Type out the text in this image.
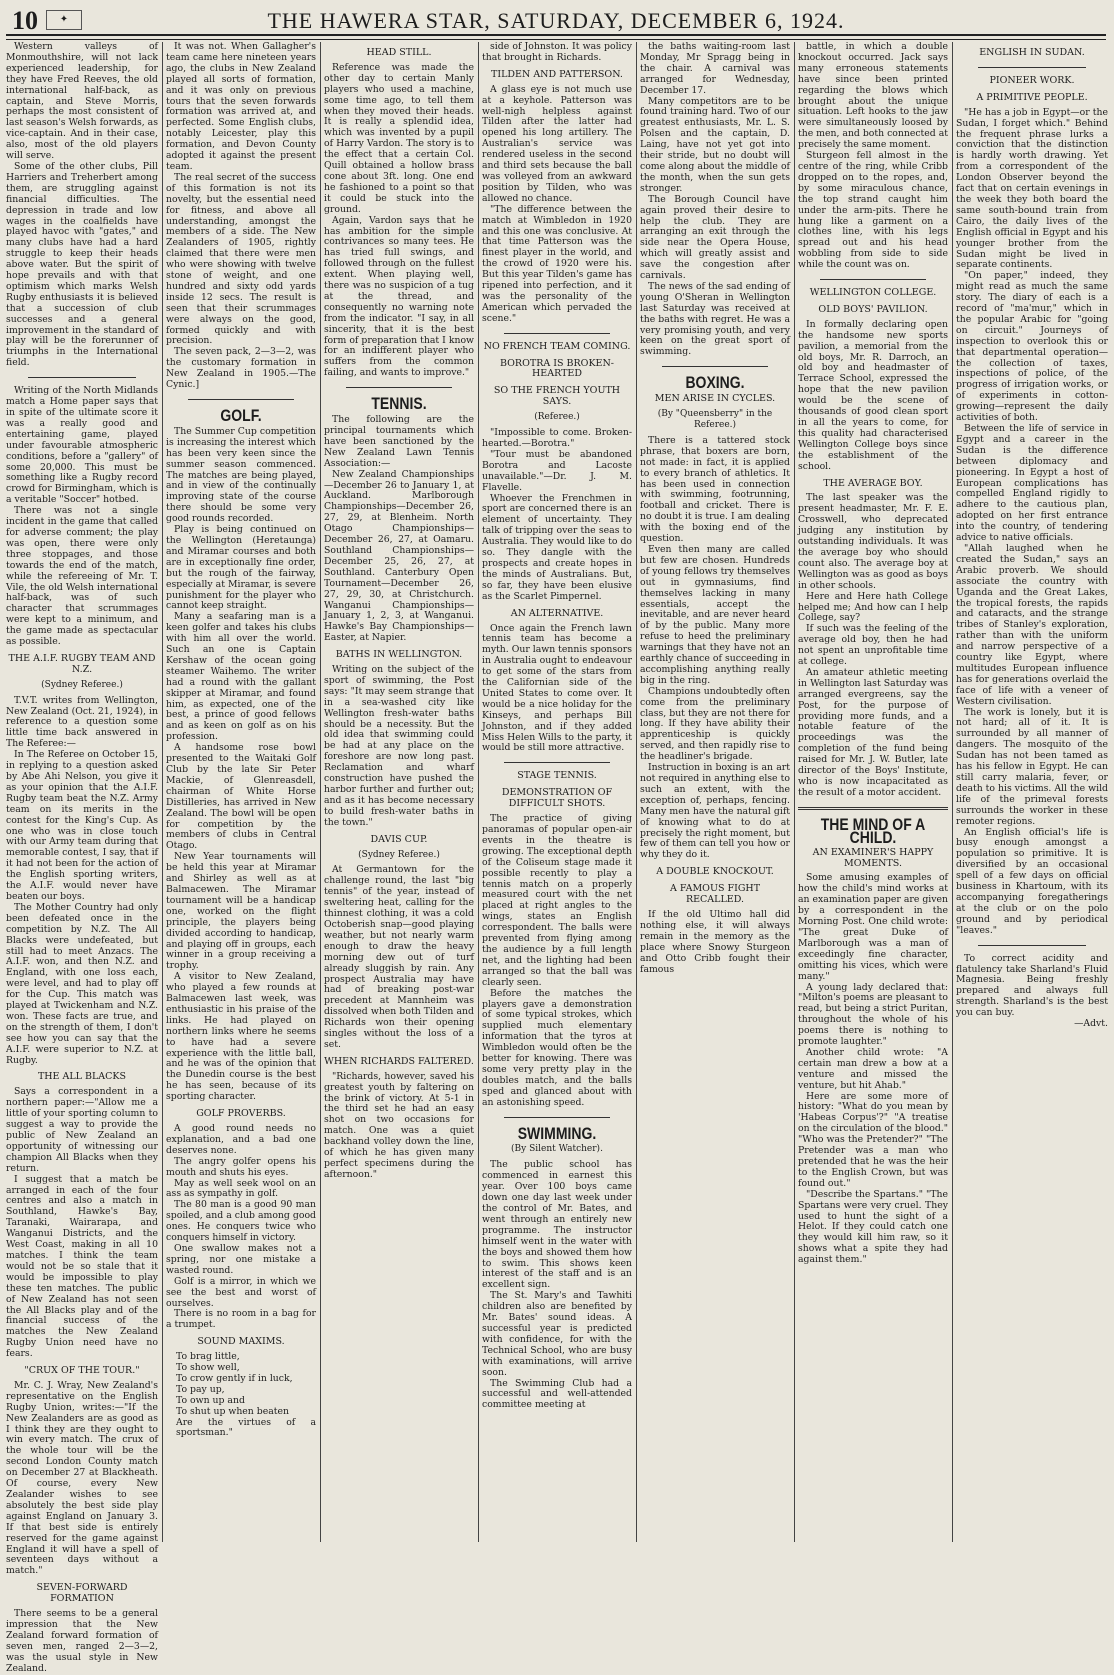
10	✦	THE HAWERA STAR, SATURDAY, DECEMBER 6, 1924.

Western valleys of Monmouthshire, will not lack experienced leadership, for they have Fred Reeves, the old international half-back, as captain, and Steve Morris, perhaps the most consistent of last season's Welsh forwards, as vice-captain. And in their case, also, most of the old players will serve.

Some of the other clubs, Pill Harriers and Treherbert among them, are struggling against financial difficulties. The depression in trade and low wages in the coalfields have played havoc with "gates," and many clubs have had a hard struggle to keep their heads above water. But the spirit of hope prevails and with that optimism which marks Welsh Rugby enthusiasts it is believed that a succession of club successes and a general improvement in the standard of play will be the forerunner of triumphs in the International field.

Writing of the North Midlands match a Home paper says that in spite of the ultimate score it was a really good and entertaining game, played under favourable atmospheric conditions, before a "gallery" of some 20,000. This must be something like a Rugby record crowd for Birmingham, which is a veritable "Soccer" hotbed.

There was not a single incident in the game that called for adverse comment; the play was open, there were only three stoppages, and those towards the end of the match, while the refereeing of Mr. T. Vile, the old Welsh international half-back, was of such character that scrummages were kept to a minimum, and the game made as spectacular as possible.

THE A.I.F. RUGBY TEAM AND N.Z.
(Sydney Referee.)

T.V.T. writes from Wellington, New Zealand (Oct. 21, 1924), in reference to a question some little time back answered in The Referee:—

In The Referee on October 15, in replying to a question asked by Abe Ahi Nelson, you give it as your opinion that the A.I.F. Rugby team beat the N.Z. Army team on its merits in the contest for the King's Cup. As one who was in close touch with our Army team during that memorable contest, I say, that if it had not been for the action of the English sporting writers, the A.I.F. would never have beaten our boys.

The Mother Country had only been defeated once in the competition by N.Z. The All Blacks were undefeated, but still had to meet Anzacs. The A.I.F. won, and then N.Z. and England, with one loss each, were level, and had to play off for the Cup. This match was played at Twickenham and N.Z. won. These facts are true, and on the strength of them, I don't see how you can say that the A.I.F. were superior to N.Z. at Rugby.

THE ALL BLACKS

Says a correspondent in a northern paper:—"Allow me a little of your sporting column to suggest a way to provide the public of New Zealand an opportunity of witnessing our champion All Blacks when they return.

I suggest that a match be arranged in each of the four centres and also a match in Southland, Hawke's Bay, Taranaki, Wairarapa, and Wanganui Districts, and the West Coast, making in all 10 matches. I think the team would not be so stale that it would be impossible to play these ten matches. The public of New Zealand has not seen the All Blacks play and of the financial success of the matches the New Zealand Rugby Union need have no fears.

"CRUX OF THE TOUR."

Mr. C. J. Wray, New Zealand's representative on the English Rugby Union, writes:—"If the New Zealanders are as good as I think they are they ought to win every match. The crux of the whole tour will be the second London County match on December 27 at Blackheath. Of course, every New Zealander wishes to see absolutely the best side play against England on January 3. If that best side is entirely reserved for the game against England it will have a spell of seventeen days without a match."

SEVEN-FORWARD FORMATION

There seems to be a general impression that the New Zealand forward formation of seven men, ranged 2—3—2, was the usual style in New Zealand.

It was not. When Gallagher's team came here nineteen years ago, the clubs in New Zealand played all sorts of formation, and it was only on previous tours that the seven forwards formation was arrived at, and perfected. Some English clubs, notably Leicester, play this formation, and Devon County adopted it against the present team.

The real secret of the success of this formation is not its novelty, but the essential need for fitness, and above all understanding, amongst the members of a side. The New Zealanders of 1905, rightly claimed that there were men who were showing with twelve stone of weight, and one hundred and sixty odd yards inside 12 secs. The result is seen that their scrummages were always on the good, formed quickly and with precision.

The seven pack, 2—3—2, was the customary formation in New Zealand in 1905.—The Cynic.]

GOLF.

The Summer Cup competition is increasing the interest which has been very keen since the summer season commenced. The matches are being played, and in view of the continually improving state of the course there should be some very good rounds recorded.

Play is being continued on the Wellington (Heretaunga) and Miramar courses and both are in exceptionally fine order, but the rough of the fairway, especially at Miramar, is severe punishment for the player who cannot keep straight.

Many a seafaring man is a keen golfer and takes his clubs with him all over the world. Such an one is Captain Kershaw of the ocean going steamer Waihemo. The writer had a round with the gallant skipper at Miramar, and found him, as expected, one of the best, a prince of good fellows and as keen on golf as on his profession.

A handsome rose bowl presented to the Waitaki Golf Club by the late Sir Peter Mackie, of Glenreasdell, chairman of White Horse Distilleries, has arrived in New Zealand. The bowl will be open for competition by the members of clubs in Central Otago.

New Year tournaments will be held this year at Miramar and Shirley as well as at Balmacewen. The Miramar tournament will be a handicap one, worked on the flight principle, the players being divided according to handicap, and playing off in groups, each winner in a group receiving a trophy.

A visitor to New Zealand, who played a few rounds at Balmacewen last week, was enthusiastic in his praise of the links. He had played on northern links where he seems to have had a severe experience with the little ball, and he was of the opinion that the Dunedin course is the best he has seen, because of its sporting character.

GOLF PROVERBS.

A good round needs no explanation, and a bad one deserves none.

The angry golfer opens his mouth and shuts his eyes.

May as well seek wool on an ass as sympathy in golf.

The 80 man is a good 90 man spoiled, and a club among good ones. He conquers twice who conquers himself in victory.

One swallow makes not a spring, nor one mistake a wasted round.

Golf is a mirror, in which we see the best and worst of ourselves.

There is no room in a bag for a trumpet.

SOUND MAXIMS.
To brag little,
To show well,
To crow gently if in luck,
To pay up,
To own up and
To shut up when beaten
Are the virtues of a sportsman."
HEAD STILL.

Reference was made the other day to certain Manly players who used a machine, some time ago, to tell them when they moved their heads. It is really a splendid idea, which was invented by a pupil of Harry Vardon. The story is to the effect that a certain Col. Quill obtained a hollow brass cone about 3ft. long. One end he fashioned to a point so that it could be stuck into the ground.

Again, Vardon says that he has ambition for the simple contrivances so many tees. He has tried full swings, and followed through on the fullest extent. When playing well, there was no suspicion of a tug at the thread, and consequently no warning note from the indicator. "I say, in all sincerity, that it is the best form of preparation that I know for an indifferent player who suffers from the common failing, and wants to improve."

TENNIS.

The following are the principal tournaments which have been sanctioned by the New Zealand Lawn Tennis Association:—

New Zealand Championships—December 26 to January 1, at Auckland. Marlborough Championships—December 26, 27, 29, at Blenheim. North Otago Championships—December 26, 27, at Oamaru. Southland Championships—December 25, 26, 27, at Southland. Canterbury Open Tournament—December 26, 27, 29, 30, at Christchurch. Wanganui Championships—January 1, 2, 3, at Wanganui. Hawke's Bay Championships—Easter, at Napier.

BATHS IN WELLINGTON.

Writing on the subject of the sport of swimming, the Post says: "It may seem strange that in a sea-washed city like Wellington fresh-water baths should be a necessity. But the old idea that swimming could be had at any place on the foreshore are now long past. Reclamation and wharf construction have pushed the harbor further and further out; and as it has become necessary to build fresh-water baths in the town."

DAVIS CUP.
(Sydney Referee.)

At Germantown for the challenge round, the last "big tennis" of the year, instead of sweltering heat, calling for the thinnest clothing, it was a cold Octoberish snap—good playing weather, but not nearly warm enough to draw the heavy morning dew out of turf already sluggish by rain. Any prospect Australia may have had of breaking post-war precedent at Mannheim was dissolved when both Tilden and Richards won their opening singles without the loss of a set.

WHEN RICHARDS FALTERED.

"Richards, however, saved his greatest youth by faltering on the brink of victory. At 5-1 in the third set he had an easy shot on two occasions for match. One was a quiet backhand volley down the line, of which he has given many perfect specimens during the afternoon."

side of Johnston. It was policy that brought in Richards.

TILDEN AND PATTERSON.

A glass eye is not much use at a keyhole. Patterson was well-nigh helpless against Tilden after the latter had opened his long artillery. The Australian's service was rendered useless in the second and third sets because the ball was volleyed from an awkward position by Tilden, who was allowed no chance.

"The difference between the match at Wimbledon in 1920 and this one was conclusive. At that time Patterson was the finest player in the world, and the crowd of 1920 were his. But this year Tilden's game has ripened into perfection, and it was the personality of the American which pervaded the scene."

NO FRENCH TEAM COMING.
BOROTRA IS BROKEN-HEARTED
SO THE FRENCH YOUTH SAYS.
(Referee.)

"Impossible to come. Broken-hearted.—Borotra."

"Tour must be abandoned Borotra and Lacoste unavailable."—Dr. J. M. Flavelle.

Whoever the Frenchmen in sport are concerned there is an element of uncertainty. They talk of tripping over the seas to Australia. They would like to do so. They dangle with the prospects and create hopes in the minds of Australians. But, so far, they have been elusive as the Scarlet Pimpernel.

AN ALTERNATIVE.

Once again the French lawn tennis team has become a myth. Our lawn tennis sponsors in Australia ought to endeavour to get some of the stars from the Californian side of the United States to come over. It would be a nice holiday for the Kinseys, and perhaps Bill Johnston, and if they added Miss Helen Wills to the party, it would be still more attractive.

STAGE TENNIS.
DEMONSTRATION OF DIFFICULT SHOTS.

The practice of giving panoramas of popular open-air events in the theatre is growing. The exceptional depth of the Coliseum stage made it possible recently to play a tennis match on a properly measured court with the net placed at right angles to the wings, states an English correspondent. The balls were prevented from flying among the audience by a full length net, and the lighting had been arranged so that the ball was clearly seen.

Before the matches the players gave a demonstration of some typical strokes, which supplied much elementary information that the tyros at Wimbledon would often be the better for knowing. There was some very pretty play in the doubles match, and the balls sped and glanced about with an astonishing speed.

SWIMMING.
(By Silent Watcher).

The public school has commenced in earnest this year. Over 100 boys came down one day last week under the control of Mr. Bates, and went through an entirely new programme. The instructor himself went in the water with the boys and showed them how to swim. This shows keen interest of the staff and is an excellent sign.

The St. Mary's and Tawhiti children also are benefited by Mr. Bates' sound ideas. A successful year is predicted with confidence, for with the Technical School, who are busy with examinations, will arrive soon.

The Swimming Club had a successful and well-attended committee meeting at

the baths waiting-room last Monday, Mr Spragg being in the chair. A carnival was arranged for Wednesday, December 17.

Many competitors are to be found training hard. Two of our greatest enthusiasts, Mr. L. S. Polsen and the captain, D. Laing, have not yet got into their stride, but no doubt will come along about the middle of the month, when the sun gets stronger.

The Borough Council have again proved their desire to help the club. They are arranging an exit through the side near the Opera House, which will greatly assist and save the congestion after carnivals.

The news of the sad ending of young O'Sheran in Wellington last Saturday was received at the baths with regret. He was a very promising youth, and very keen on the great sport of swimming.

BOXING.
MEN ARISE IN CYCLES.
(By "Queensberry" in the Referee.)

There is a tattered stock phrase, that boxers are born, not made: in fact, it is applied to every branch of athletics. It has been used in connection with swimming, footrunning, football and cricket. There is no doubt it is true. I am dealing with the boxing end of the question.

Even then many are called but few are chosen. Hundreds of young fellows try themselves out in gymnasiums, find themselves lacking in many essentials, accept the inevitable, and are never heard of by the public. Many more refuse to heed the preliminary warnings that they have not an earthly chance of succeeding in accomplishing anything really big in the ring.

Champions undoubtedly often come from the preliminary class, but they are not there for long. If they have ability their apprenticeship is quickly served, and then rapidly rise to the headliner's brigade.

Instruction in boxing is an art not required in anything else to such an extent, with the exception of, perhaps, fencing. Many men have the natural gift of knowing what to do at precisely the right moment, but few of them can tell you how or why they do it.

A DOUBLE KNOCKOUT.
A FAMOUS FIGHT RECALLED.

If the old Ultimo hall did nothing else, it will always remain in the memory as the place where Snowy Sturgeon and Otto Cribb fought their famous

battle, in which a double knockout occurred. Jack says many erroneous statements have since been printed regarding the blows which brought about the unique situation. Left hooks to the jaw were simultaneously loosed by the men, and both connected at precisely the same moment.

Sturgeon fell almost in the centre of the ring, while Cribb dropped on to the ropes, and, by some miraculous chance, the top strand caught him under the arm-pits. There he hung like a garment on a clothes line, with his legs spread out and his head wobbling from side to side while the count was on.

WELLINGTON COLLEGE.
OLD BOYS' PAVILION.

In formally declaring open the handsome new sports pavilion, a memorial from the old boys, Mr. R. Darroch, an old boy and headmaster of Terrace School, expressed the hope that the new pavilion would be the scene of thousands of good clean sport in all the years to come, for this quality had characterised Wellington College boys since the establishment of the school.

THE AVERAGE BOY.

The last speaker was the present headmaster, Mr. F. E. Crosswell, who deprecated judging any institution by outstanding individuals. It was the average boy who should count also. The average boy at Wellington was as good as boys in other schools.

Here and Here hath College helped me; And how can I help College, say?

If such was the feeling of the average old boy, then he had not spent an unprofitable time at college.

An amateur athletic meeting in Wellington last Saturday was arranged evergreens, say the Post, for the purpose of providing more funds, and a notable feature of the proceedings was the completion of the fund being raised for Mr. J. W. Butler, late director of the Boys' Institute, who is now incapacitated as the result of a motor accident.

THE MIND OF A CHILD.
AN EXAMINER'S HAPPY MOMENTS.

Some amusing examples of how the child's mind works at an examination paper are given by a correspondent in the Morning Post. One child wrote: "The great Duke of Marlborough was a man of exceedingly fine character, omitting his vices, which were many."

A young lady declared that: "Milton's poems are pleasant to read, but being a strict Puritan, throughout the whole of his poems there is nothing to promote laughter."

Another child wrote: "A certain man drew a bow at a venture and missed the venture, but hit Ahab."

Here are some more of history: "What do you mean by 'Habeas Corpus'?" "A treatise on the circulation of the blood." "Who was the Pretender?" "The Pretender was a man who pretended that he was the heir to the English Crown, but was found out."

"Describe the Spartans." "The Spartans were very cruel. They used to hunt the sight of a Helot. If they could catch one they would kill him raw, so it shows what a spite they had against them."

ENGLISH IN SUDAN.
PIONEER WORK.
A PRIMITIVE PEOPLE.

"He has a job in Egypt—or the Sudan, I forget which." Behind the frequent phrase lurks a conviction that the distinction is hardly worth drawing. Yet from a correspondent of the London Observer beyond the fact that on certain evenings in the week they both board the same south-bound train from Cairo, the daily lives of the English official in Egypt and his younger brother from the Sudan might be lived in separate continents.

"On paper," indeed, they might read as much the same story. The diary of each is a record of "ma'mur," which in the popular Arabic for "going on circuit." Journeys of inspection to overlook this or that departmental operation—the collection of taxes, inspections of police, of the progress of irrigation works, or of experiments in cotton-growing—represent the daily activities of both.

Between the life of service in Egypt and a career in the Sudan is the difference between diplomacy and pioneering. In Egypt a host of European complications has compelled England rigidly to adhere to the cautious plan, adopted on her first entrance into the country, of tendering advice to native officials.

"Allah laughed when he created the Sudan," says an Arabic proverb. We should associate the country with Uganda and the Great Lakes, the tropical forests, the rapids and cataracts, and the strange tribes of Stanley's exploration, rather than with the uniform and narrow perspective of a country like Egypt, where multitudes European influence has for generations overlaid the face of life with a veneer of Western civilisation.

The work is lonely, but it is not hard; all of it. It is surrounded by all manner of dangers. The mosquito of the Sudan has not been tamed as has his fellow in Egypt. He can still carry malaria, fever, or death to his victims. All the wild life of the primeval forests surrounds the worker in these remoter regions.

An English official's life is busy enough amongst a population so primitive. It is diversified by an occasional spell of a few days on official business in Khartoum, with its accompanying foregatherings at the club or on the polo ground and by periodical "leaves."

To correct acidity and flatulency take Sharland's Fluid Magnesia. Being freshly prepared and always full strength. Sharland's is the best you can buy.

—Advt.
